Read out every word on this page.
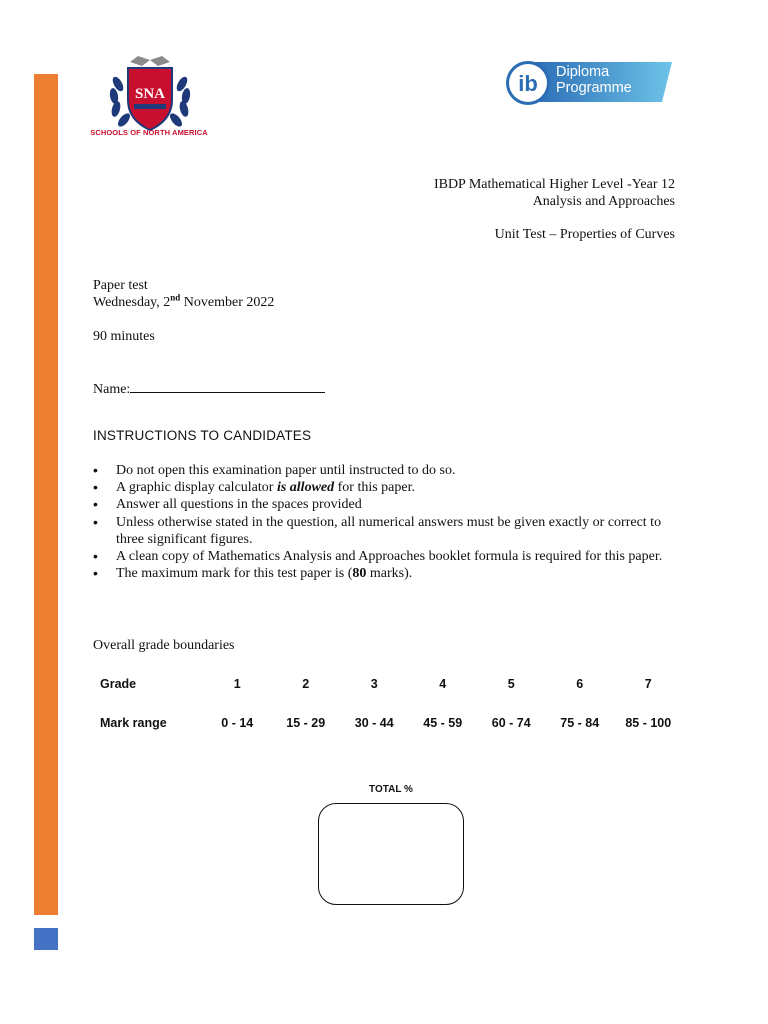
SNA
SCHOOLS OF NORTH AMERICA
ib Diploma
Programme
IBDP Mathematical Higher Level -Year 12
Analysis and Approaches
Unit Test – Properties of Curves
Paper test
Wednesday, 2nd November 2022
90 minutes
Name:
INSTRUCTIONS TO CANDIDATES
• Do not open this examination paper until instructed to do so.
• A graphic display calculator is allowed for this paper.
• Answer all questions in the spaces provided
• Unless otherwise stated in the question, all numerical answers must be given exactly or correct to three significant figures.
• A clean copy of Mathematics Analysis and Approaches booklet formula is required for this paper.
• The maximum mark for this test paper is (80 marks).
Overall grade boundaries
Grade	1	2	3	4	5	6	7
Mark range	0 - 14	15 - 29	30 - 44	45 - 59	60 - 74	75 - 84	85 - 100
TOTAL %
